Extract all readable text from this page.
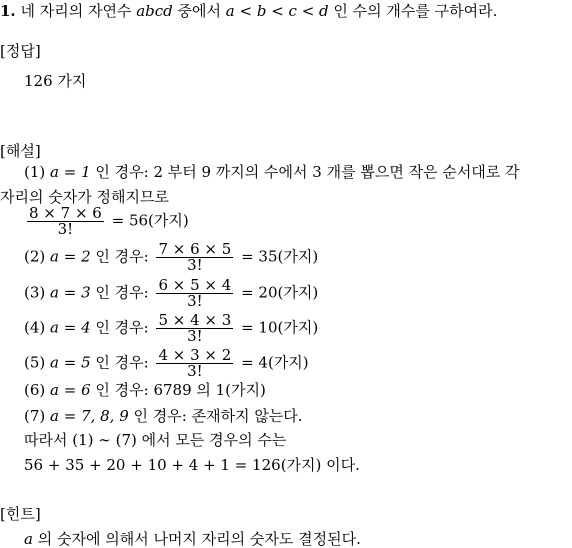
1. 네 자리의 자연수 abcd 중에서 a < b < c < d 인 수의 개수를 구하여라.
[정답]
126 가지
[해설]
(1) a = 1 인 경우: 2 부터 9 까지의 수에서 3 개를 뽑으면 작은 순서대로 각
자리의 숫자가 정해지므로
$\frac{8 \times 7 \times 6}{3!} = 56$(가지)
(2) a = 2 인 경우: $\frac{7 \times 6 \times 5}{3!} = 35$(가지)
(3) a = 3 인 경우: $\frac{6 \times 5 \times 4}{3!} = 20$(가지)
(4) a = 4 인 경우: $\frac{5 \times 4 \times 3}{3!} = 10$(가지)
(5) a = 5 인 경우: $\frac{4 \times 3 \times 2}{3!} = 4$(가지)
(6) a = 6 인 경우: 6789 의 1(가지)
(7) a = 7, 8, 9 인 경우: 존재하지 않는다.
따라서 (1) ∼ (7) 에서 모든 경우의 수는
56 + 35 + 20 + 10 + 4 + 1 = 126(가지) 이다.
[힌트]
a 의 숫자에 의해서 나머지 자리의 숫자도 결정된다.
